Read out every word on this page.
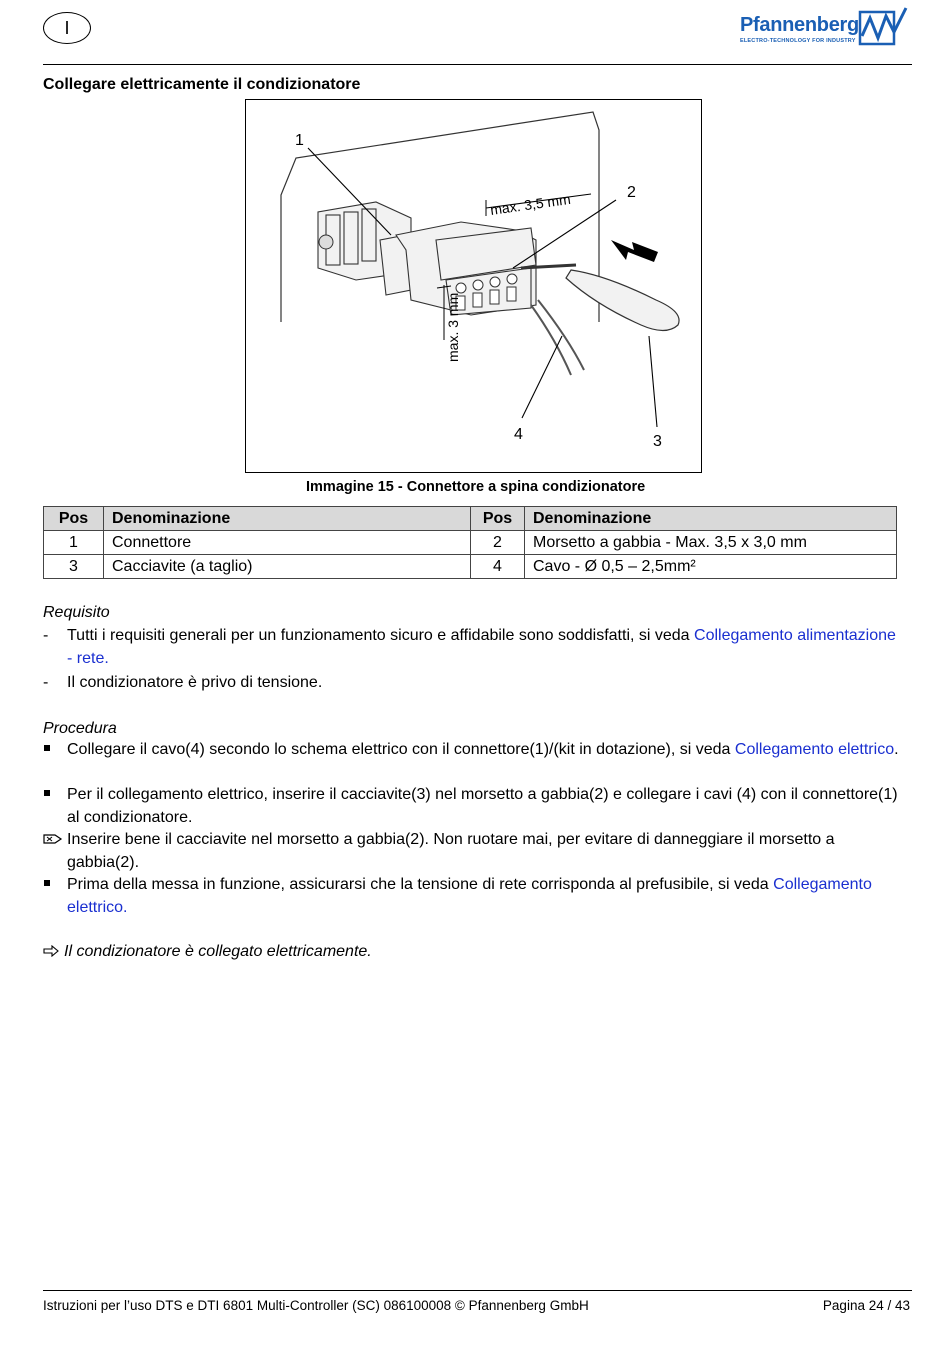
I	Pfannenberg
ELECTRO-TECHNOLOGY FOR INDUSTRY
Collegare elettricamente il condizionatore
max. 3,5 mm
max. 3 mm
1
2
3
4
Immagine 15 - Connettore a spina condizionatore
Pos	Denominazione	Pos	Denominazione
1	Connettore	2	Morsetto a gabbia - Max. 3,5 x 3,0 mm
3	Cacciavite (a taglio)	4	Cavo - Ø 0,5 – 2,5mm²
Requisito
-	Tutti i requisiti generali per un funzionamento sicuro e affidabile sono soddisfatti, si veda Collegamento alimentazione - rete.
-	Il condizionatore è privo di tensione.
Procedura
Collegare il cavo(4) secondo lo schema elettrico con il connettore(1)/(kit in dotazione), si veda Collegamento elettrico.
Per il collegamento elettrico, inserire il cacciavite(3) nel morsetto a gabbia(2) e collegare i cavi (4) con il connettore(1) al condizionatore.
Inserire bene il cacciavite nel morsetto a gabbia(2). Non ruotare mai, per evitare di danneggiare il morsetto a gabbia(2).
Prima della messa in funzione, assicurarsi che la tensione di rete corrisponda al prefusibile, si veda Collegamento elettrico.
Il condizionatore è collegato elettricamente.
Istruzioni per l’uso DTS e DTI 6801 Multi-Controller (SC) 086100008 © Pfannenberg GmbH	Pagina 24 / 43
